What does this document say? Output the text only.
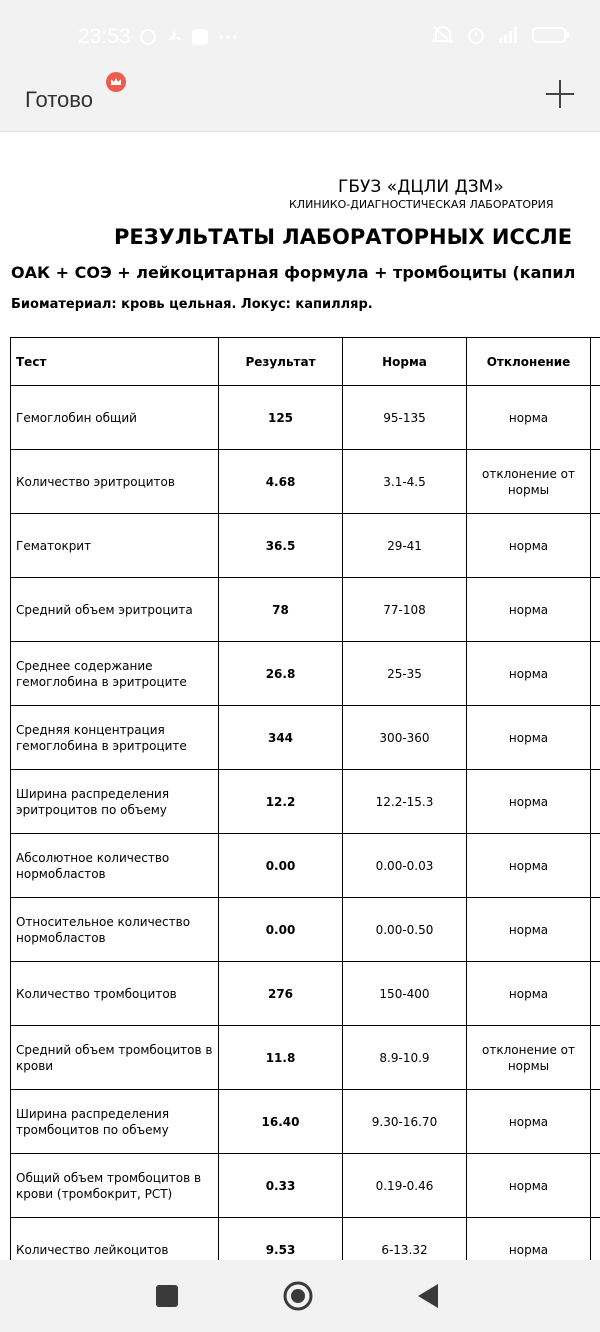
23:53
Готово
ГБУЗ «ДЦЛИ ДЗМ»
КЛИНИКО-ДИАГНОСТИЧЕСКАЯ ЛАБОРАТОРИЯ
РЕЗУЛЬТАТЫ ЛАБОРАТОРНЫХ ИССЛЕ
ОАК + СОЭ + лейкоцитарная формула + тромбоциты (капил
Биоматериал: кровь цельная. Локус: капилляр.
Тест	Результат	Норма	Отклонение	
Гемоглобин общий	125	95-135	норма	
Количество эритроцитов	4.68	3.1-4.5	отклонение от нормы	
Гематокрит	36.5	29-41	норма	
Средний объем эритроцита	78	77-108	норма	
Среднее содержание гемоглобина в эритроците	26.8	25-35	норма	
Средняя концентрация гемоглобина в эритроците	344	300-360	норма	
Ширина распределения эритроцитов по объему	12.2	12.2-15.3	норма	
Абсолютное количество нормобластов	0.00	0.00-0.03	норма	
Относительное количество нормобластов	0.00	0.00-0.50	норма	
Количество тромбоцитов	276	150-400	норма	
Средний объем тромбоцитов в крови	11.8	8.9-10.9	отклонение от нормы	
Ширина распределения тромбоцитов по объему	16.40	9.30-16.70	норма	
Общий объем тромбоцитов в крови (тромбокрит, PCT)	0.33	0.19-0.46	норма	
Количество лейкоцитов	9.53	6-13.32	норма	
